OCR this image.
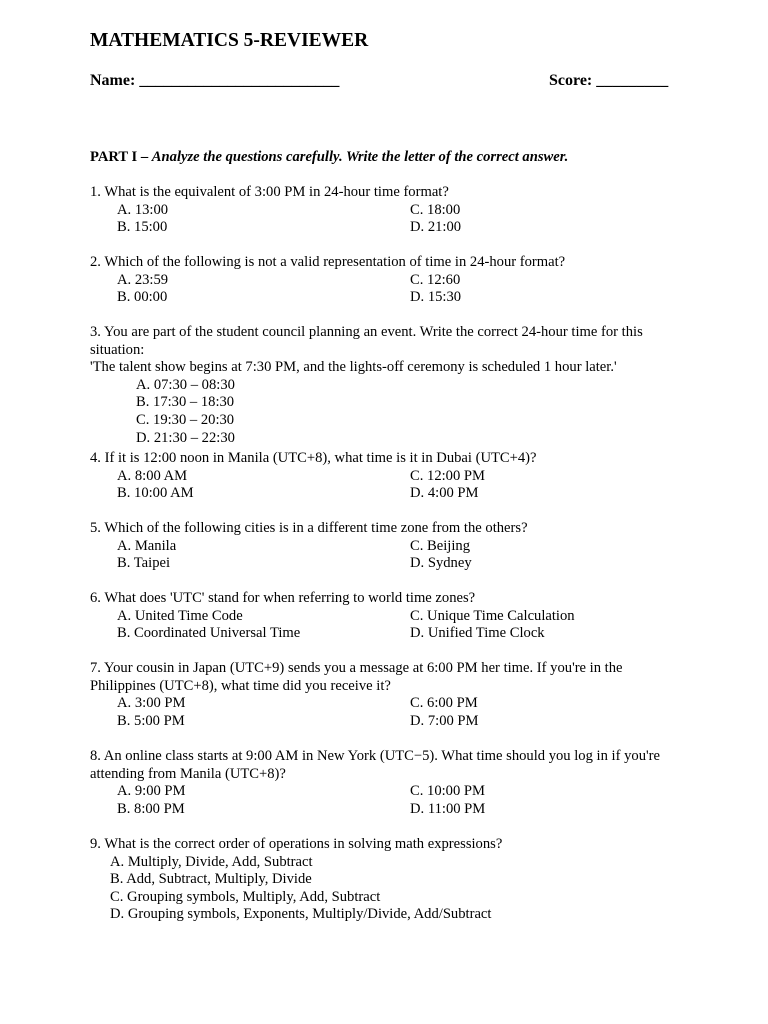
MATHEMATICS 5-REVIEWER
Name: _________________________	Score: _________
PART I – Analyze the questions carefully. Write the letter of the correct answer.
1. What is the equivalent of 3:00 PM in 24-hour time format?
A. 13:00	C. 18:00
B. 15:00	D. 21:00
2. Which of the following is not a valid representation of time in 24-hour format?
A. 23:59	C. 12:60
B. 00:00	D. 15:30
3. You are part of the student council planning an event. Write the correct 24-hour time for this situation:
'The talent show begins at 7:30 PM, and the lights-off ceremony is scheduled 1 hour later.'
A. 07:30 – 08:30
B. 17:30 – 18:30
C. 19:30 – 20:30
D. 21:30 – 22:30
4. If it is 12:00 noon in Manila (UTC+8), what time is it in Dubai (UTC+4)?
A. 8:00 AM	C. 12:00 PM
B. 10:00 AM	D. 4:00 PM
5. Which of the following cities is in a different time zone from the others?
A. Manila	C. Beijing
B. Taipei	D. Sydney
6. What does 'UTC' stand for when referring to world time zones?
A. United Time Code	C. Unique Time Calculation
B. Coordinated Universal Time	D. Unified Time Clock
7. Your cousin in Japan (UTC+9) sends you a message at 6:00 PM her time. If you're in the Philippines (UTC+8), what time did you receive it?
A. 3:00 PM	C. 6:00 PM
B. 5:00 PM	D. 7:00 PM
8. An online class starts at 9:00 AM in New York (UTC−5). What time should you log in if you're attending from Manila (UTC+8)?
A. 9:00 PM	C. 10:00 PM
B. 8:00 PM	D. 11:00 PM
9. What is the correct order of operations in solving math expressions?
A. Multiply, Divide, Add, Subtract
B. Add, Subtract, Multiply, Divide
C. Grouping symbols, Multiply, Add, Subtract
D. Grouping symbols, Exponents, Multiply/Divide, Add/Subtract
